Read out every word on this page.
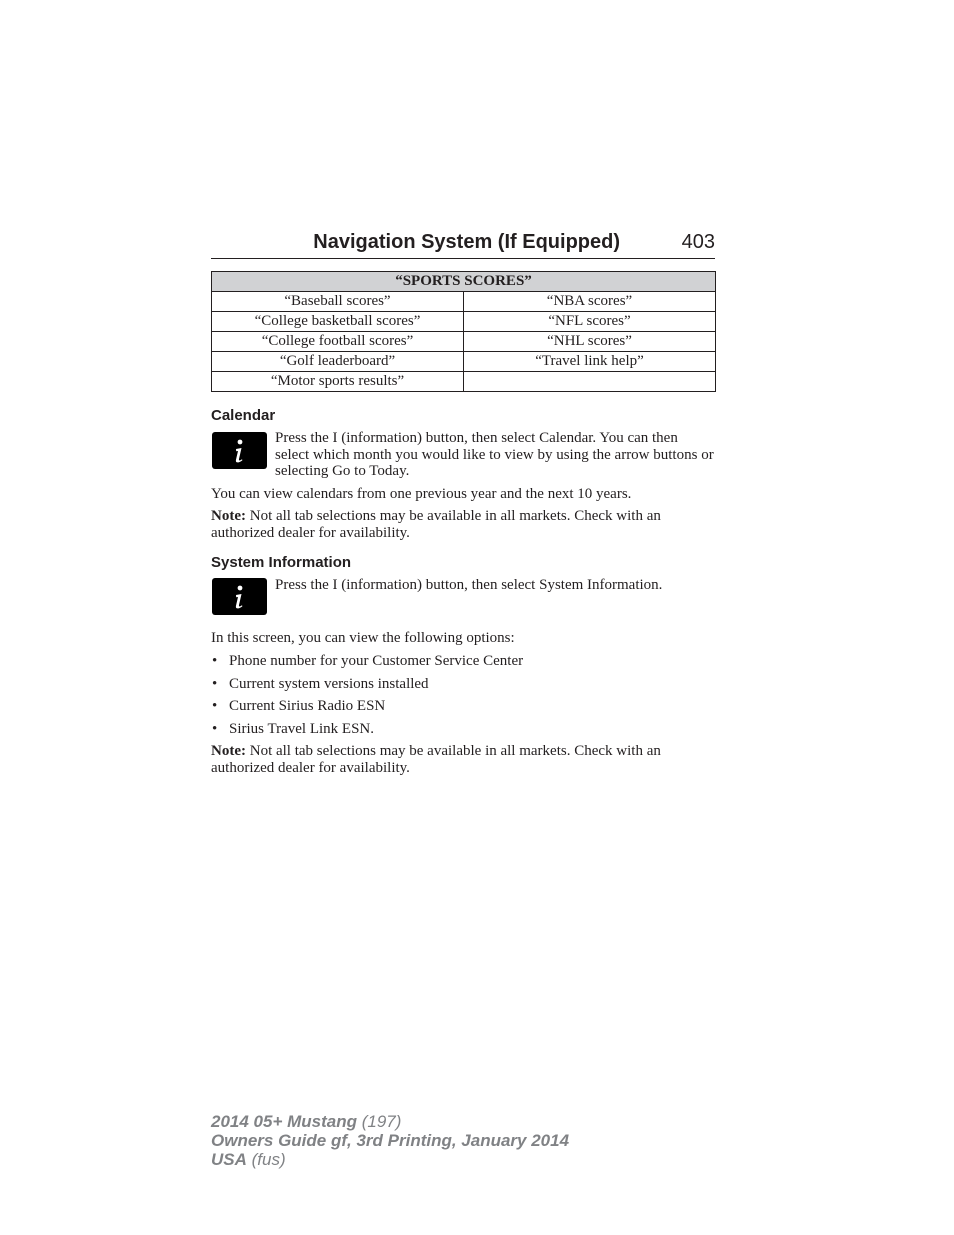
Navigation System (If Equipped)	403
“SPORTS SCORES”	
“Baseball scores”	“NBA scores”
“College basketball scores”	“NFL scores”
“College football scores”	“NHL scores”
“Golf leaderboard”	“Travel link help”
“Motor sports results”	
Calendar
Press the I (information) button, then select Calendar. You can then select which month you would like to view by using the arrow buttons or selecting Go to Today.
You can view calendars from one previous year and the next 10 years.
Note: Not all tab selections may be available in all markets. Check with an authorized dealer for availability.
System Information
Press the I (information) button, then select System Information.
In this screen, you can view the following options:
• Phone number for your Customer Service Center
• Current system versions installed
• Current Sirius Radio ESN
• Sirius Travel Link ESN.
Note: Not all tab selections may be available in all markets. Check with an authorized dealer for availability.
2014 05+ Mustang (197)
Owners Guide gf, 3rd Printing, January 2014
USA (fus)
